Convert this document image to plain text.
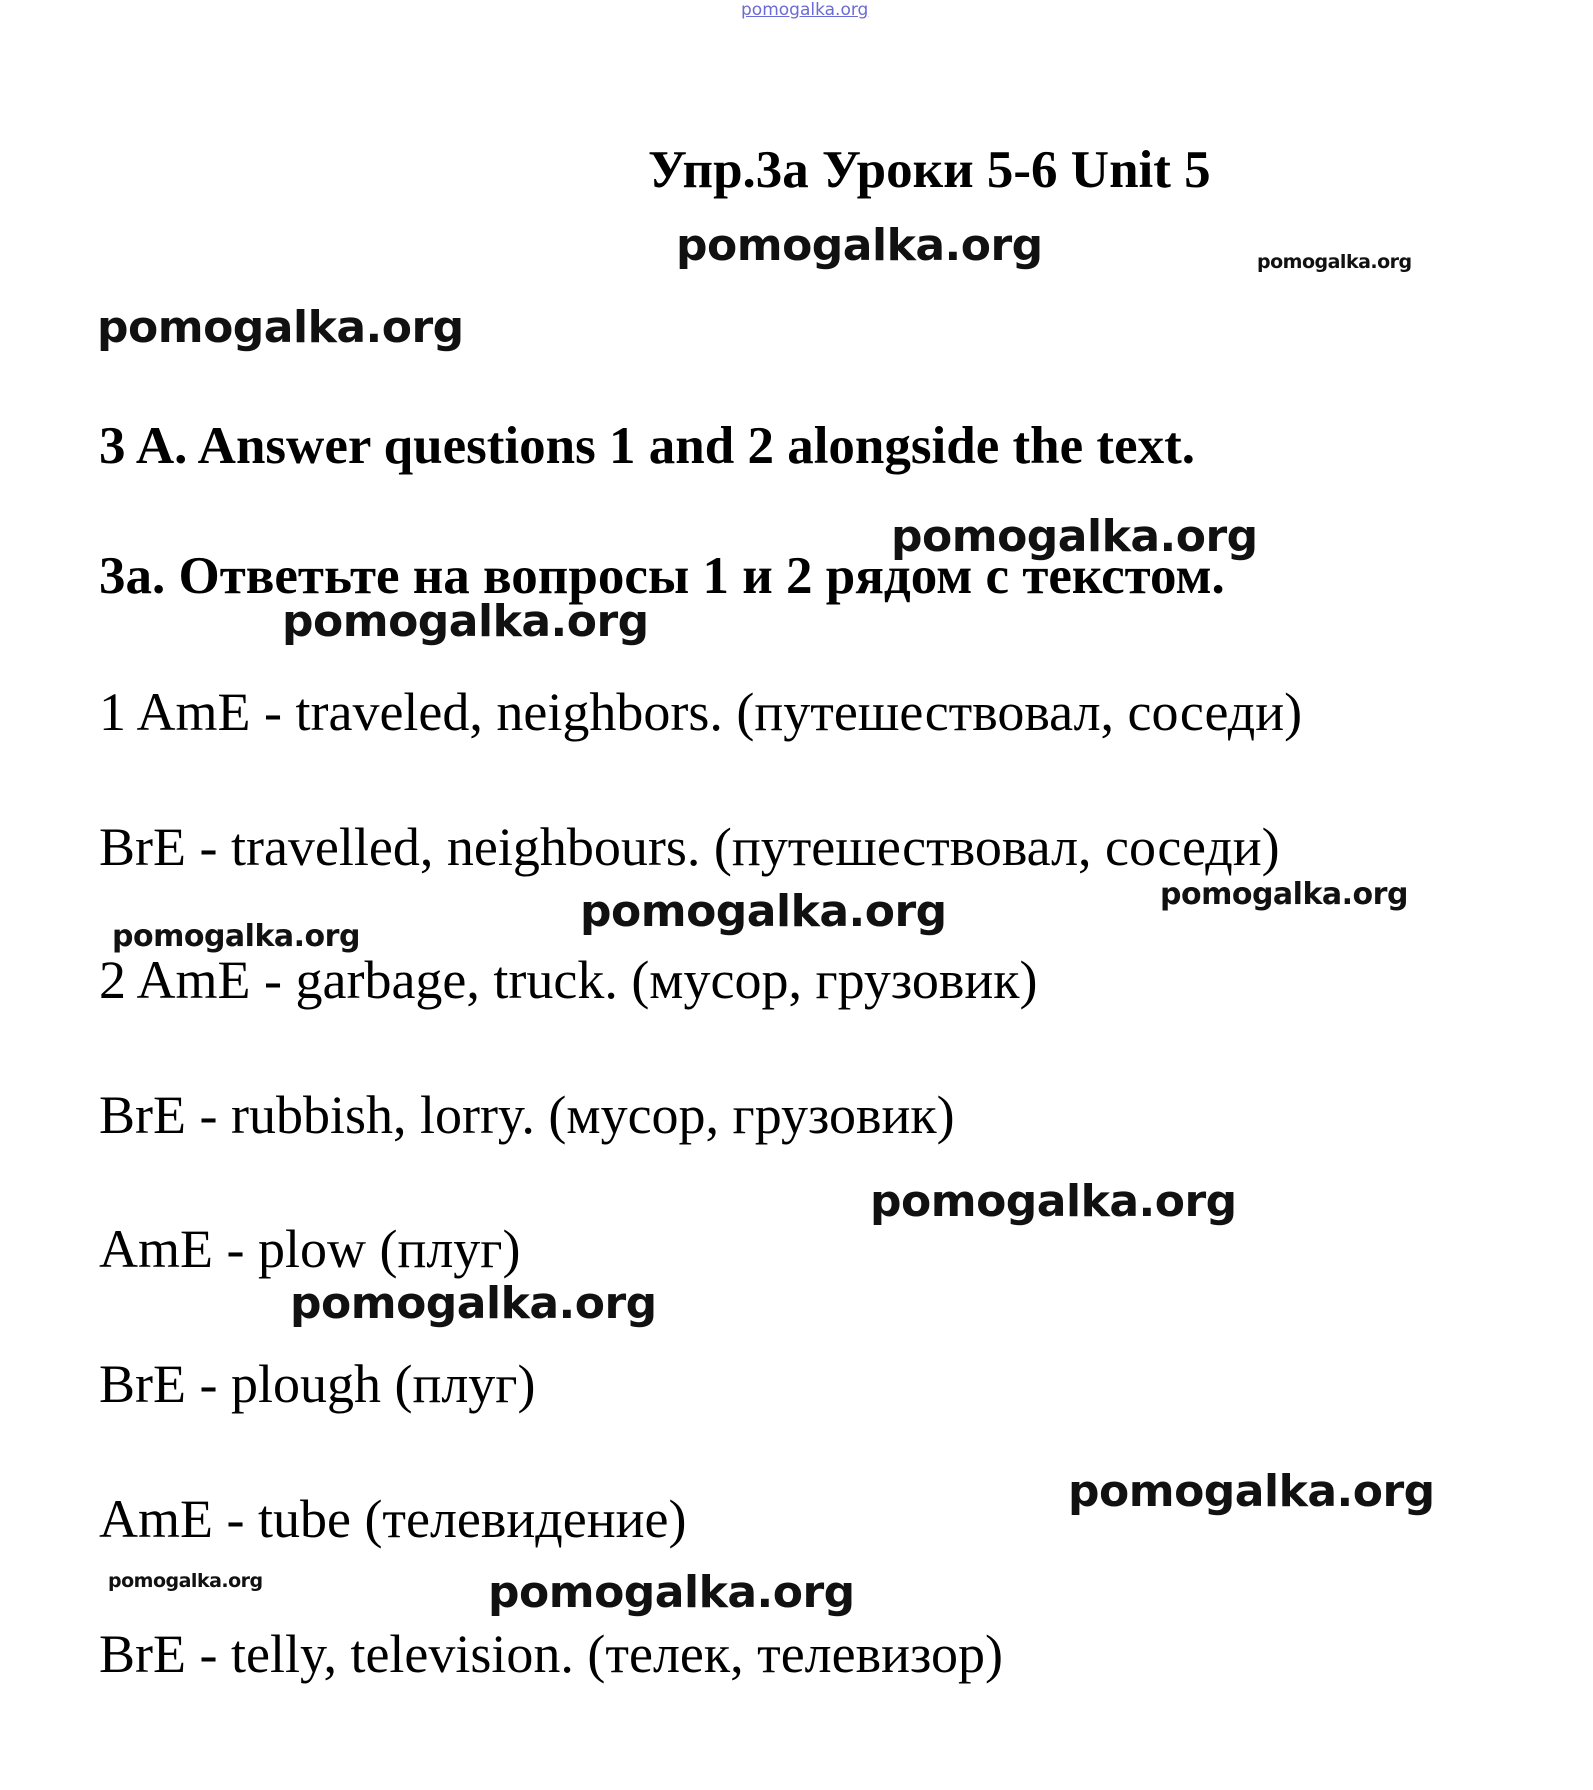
pomogalka.org
Упр.3а Уроки 5-6 Unit 5

3 A. Answer questions 1 and 2 alongside the text.

3а. Ответьте на вопросы 1 и 2 рядом с текстом.

1 AmE - traveled, neighbors. (путешествовал, соседи)

BrE - travelled, neighbours. (путешествовал, соседи)

2 AmE - garbage, truck. (мусор, грузовик)

BrE - rubbish, lorry. (мусор, грузовик)

AmE - plow (плуг)

BrE - plough (плуг)

AmE - tube (телевидение)

BrE - telly, television. (телек, телевизор)

pomogalka.org	pomogalka.org
pomogalka.org
pomogalka.org
pomogalka.org
pomogalka.org
pomogalka.org
pomogalka.org
pomogalka.org
pomogalka.org
pomogalka.org
pomogalka.org	pomogalka.org
